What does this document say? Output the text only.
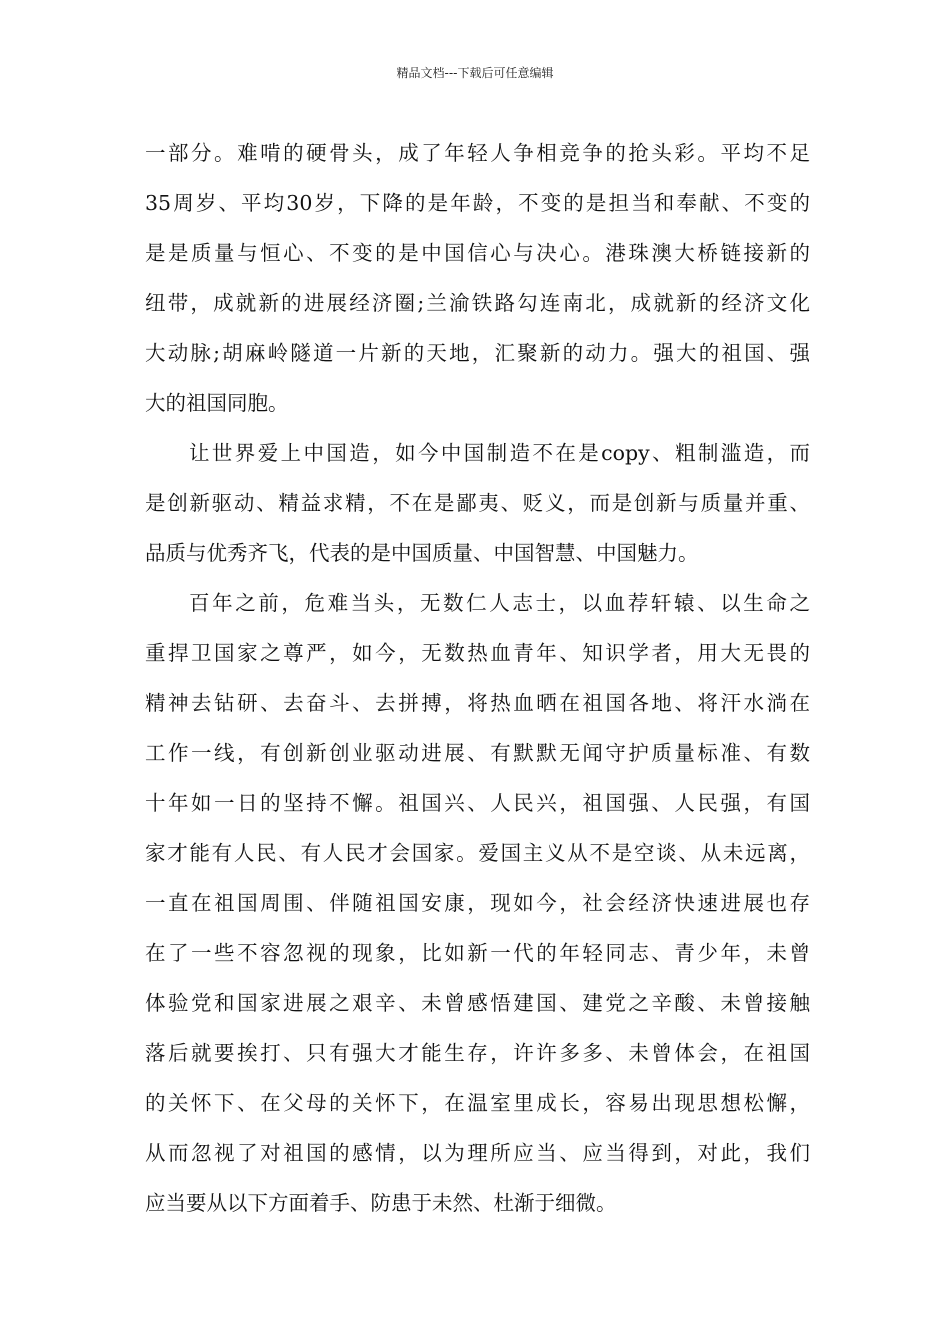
精品文档---下载后可任意编辑
一部分。难啃的硬骨头，成了年轻人争相竞争的抢头彩。平均不足
35周岁、平均30岁，下降的是年龄，不变的是担当和奉献、不变的
是是质量与恒心、不变的是中国信心与决心。港珠澳大桥链接新的
纽带，成就新的进展经济圈;兰渝铁路勾连南北，成就新的经济文化
大动脉;胡麻岭隧道一片新的天地，汇聚新的动力。强大的祖国、强
大的祖国同胞。
让世界爱上中国造，如今中国制造不在是copy、粗制滥造，而
是创新驱动、精益求精，不在是鄙夷、贬义，而是创新与质量并重、
品质与优秀齐飞，代表的是中国质量、中国智慧、中国魅力。
百年之前，危难当头，无数仁人志士，以血荐轩辕、以生命之
重捍卫国家之尊严，如今，无数热血青年、知识学者，用大无畏的
精神去钻研、去奋斗、去拼搏，将热血晒在祖国各地、将汗水淌在
工作一线，有创新创业驱动进展、有默默无闻守护质量标准、有数
十年如一日的坚持不懈。祖国兴、人民兴，祖国强、人民强，有国
家才能有人民、有人民才会国家。爱国主义从不是空谈、从未远离，
一直在祖国周围、伴随祖国安康，现如今，社会经济快速进展也存
在了一些不容忽视的现象，比如新一代的年轻同志、青少年，未曾
体验党和国家进展之艰辛、未曾感悟建国、建党之辛酸、未曾接触
落后就要挨打、只有强大才能生存，许许多多、未曾体会，在祖国
的关怀下、在父母的关怀下，在温室里成长，容易出现思想松懈，
从而忽视了对祖国的感情，以为理所应当、应当得到，对此，我们
应当要从以下方面着手、防患于未然、杜渐于细微。
